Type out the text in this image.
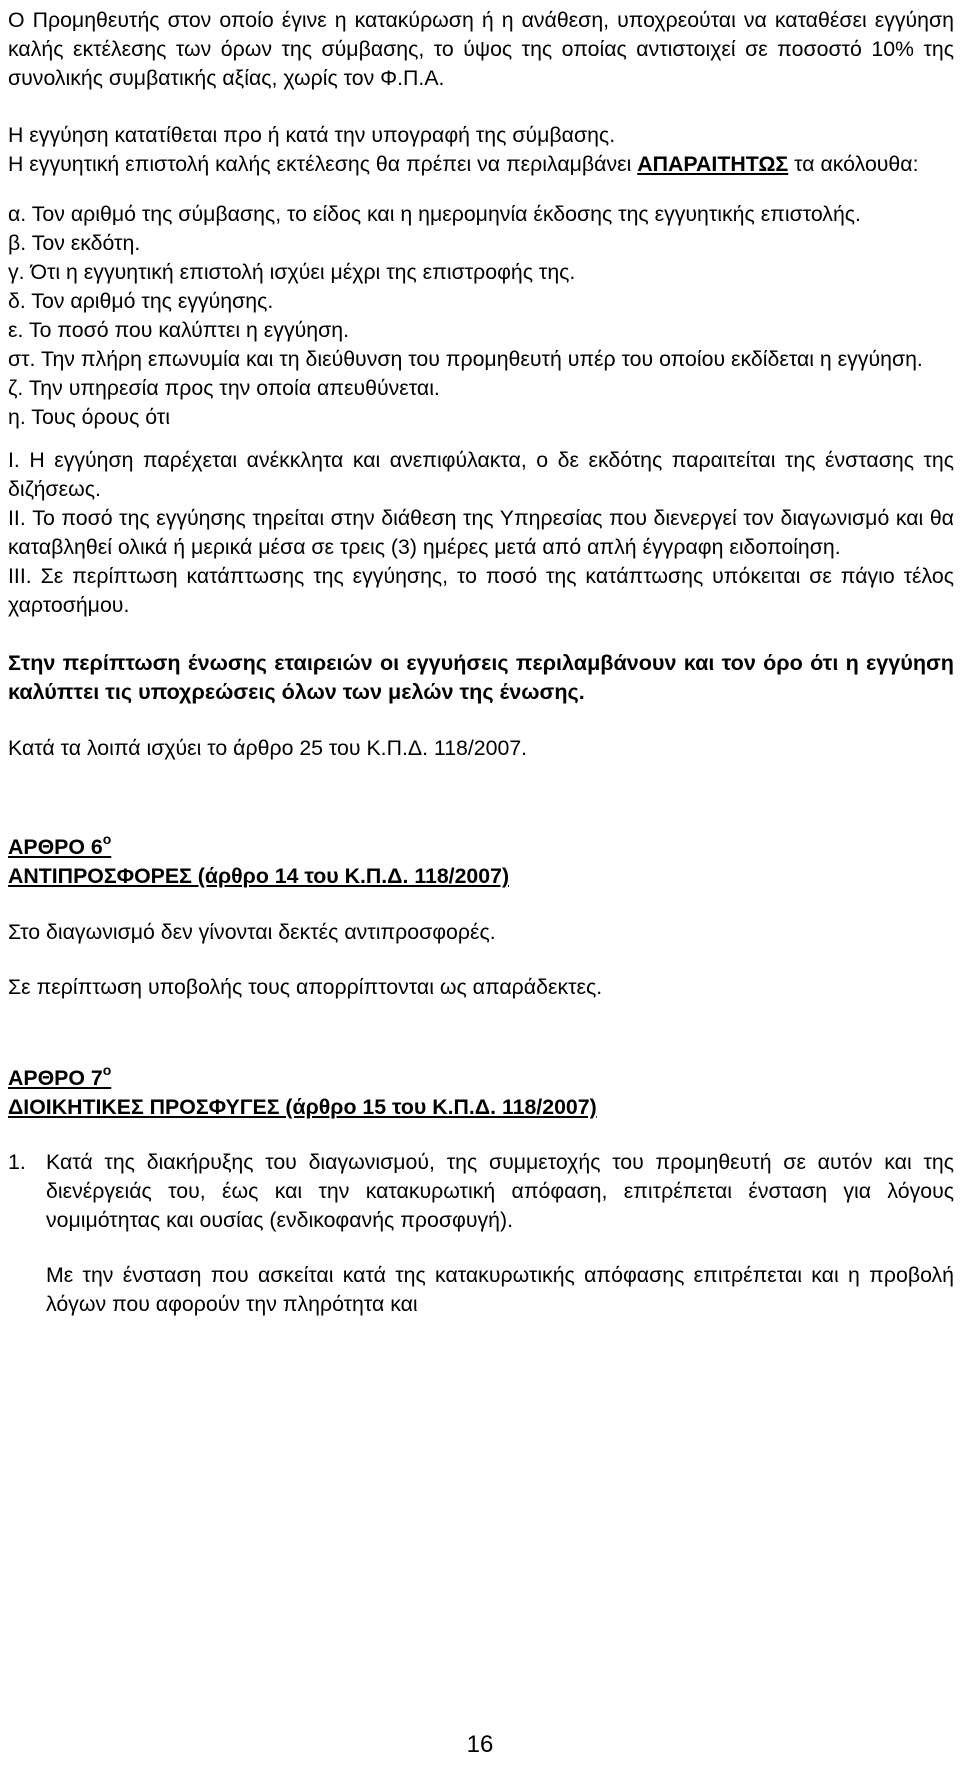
Ο Προμηθευτής στον οποίο έγινε η κατακύρωση ή η ανάθεση, υποχρεούται να καταθέσει εγγύηση καλής εκτέλεσης των όρων της σύμβασης, το ύψος της οποίας αντιστοιχεί σε ποσοστό 10% της συνολικής συμβατικής αξίας, χωρίς τον Φ.Π.Α.

Η εγγύηση κατατίθεται προ ή κατά την υπογραφή της σύμβασης.

Η εγγυητική επιστολή καλής εκτέλεσης θα πρέπει να περιλαμβάνει ΑΠΑΡΑΙΤΗΤΩΣ τα ακόλουθα:

α. Τον αριθμό της σύμβασης, το είδος και η ημερομηνία έκδοσης της εγγυητικής επιστολής.

β. Τον εκδότη.

γ. Ότι η εγγυητική επιστολή ισχύει μέχρι της επιστροφής της.

δ. Τον αριθμό της εγγύησης.

ε. Το ποσό που καλύπτει η εγγύηση.

στ. Την πλήρη επωνυμία και τη διεύθυνση του προμηθευτή υπέρ του οποίου εκδίδεται η εγγύηση.

ζ. Την υπηρεσία προς την οποία απευθύνεται.

η. Τους όρους ότι

I. Η εγγύηση παρέχεται ανέκκλητα και ανεπιφύλακτα, ο δε εκδότης παραιτείται της ένστασης της διζήσεως.

II. Το ποσό της εγγύησης τηρείται στην διάθεση της Υπηρεσίας που διενεργεί τον διαγωνισμό και θα καταβληθεί ολικά ή μερικά μέσα σε τρεις (3) ημέρες μετά από απλή έγγραφη ειδοποίηση.

III. Σε περίπτωση κατάπτωσης της εγγύησης, το ποσό της κατάπτωσης υπόκειται σε πάγιο τέλος χαρτοσήμου.

Στην περίπτωση ένωσης εταιρειών οι εγγυήσεις περιλαμβάνουν και τον όρο ότι η εγγύηση καλύπτει τις υποχρεώσεις όλων των μελών της ένωσης.

Κατά τα λοιπά ισχύει το άρθρο 25 του Κ.Π.Δ. 118/2007.

ΑΡΘΡΟ $6^o$

ΑΝΤΙΠΡΟΣΦΟΡΕΣ (άρθρο 14 του Κ.Π.Δ. 118/2007)

Στο διαγωνισμό δεν γίνονται δεκτές αντιπροσφορές.

Σε περίπτωση υποβολής τους απορρίπτονται ως απαράδεκτες.

ΑΡΘΡΟ $7^o$

ΔΙΟΙΚΗΤΙΚΕΣ ΠΡΟΣΦΥΓΕΣ (άρθρο 15 του Κ.Π.Δ. 118/2007)

1. Κατά της διακήρυξης του διαγωνισμού, της συμμετοχής του προμηθευτή σε αυτόν και της διενέργειάς του, έως και την κατακυρωτική απόφαση, επιτρέπεται ένσταση για λόγους νομιμότητας και ουσίας (ενδικοφανής προσφυγή).

Με την ένσταση που ασκείται κατά της κατακυρωτικής απόφασης επιτρέπεται και η προβολή λόγων που αφορούν την πληρότητα και

16
